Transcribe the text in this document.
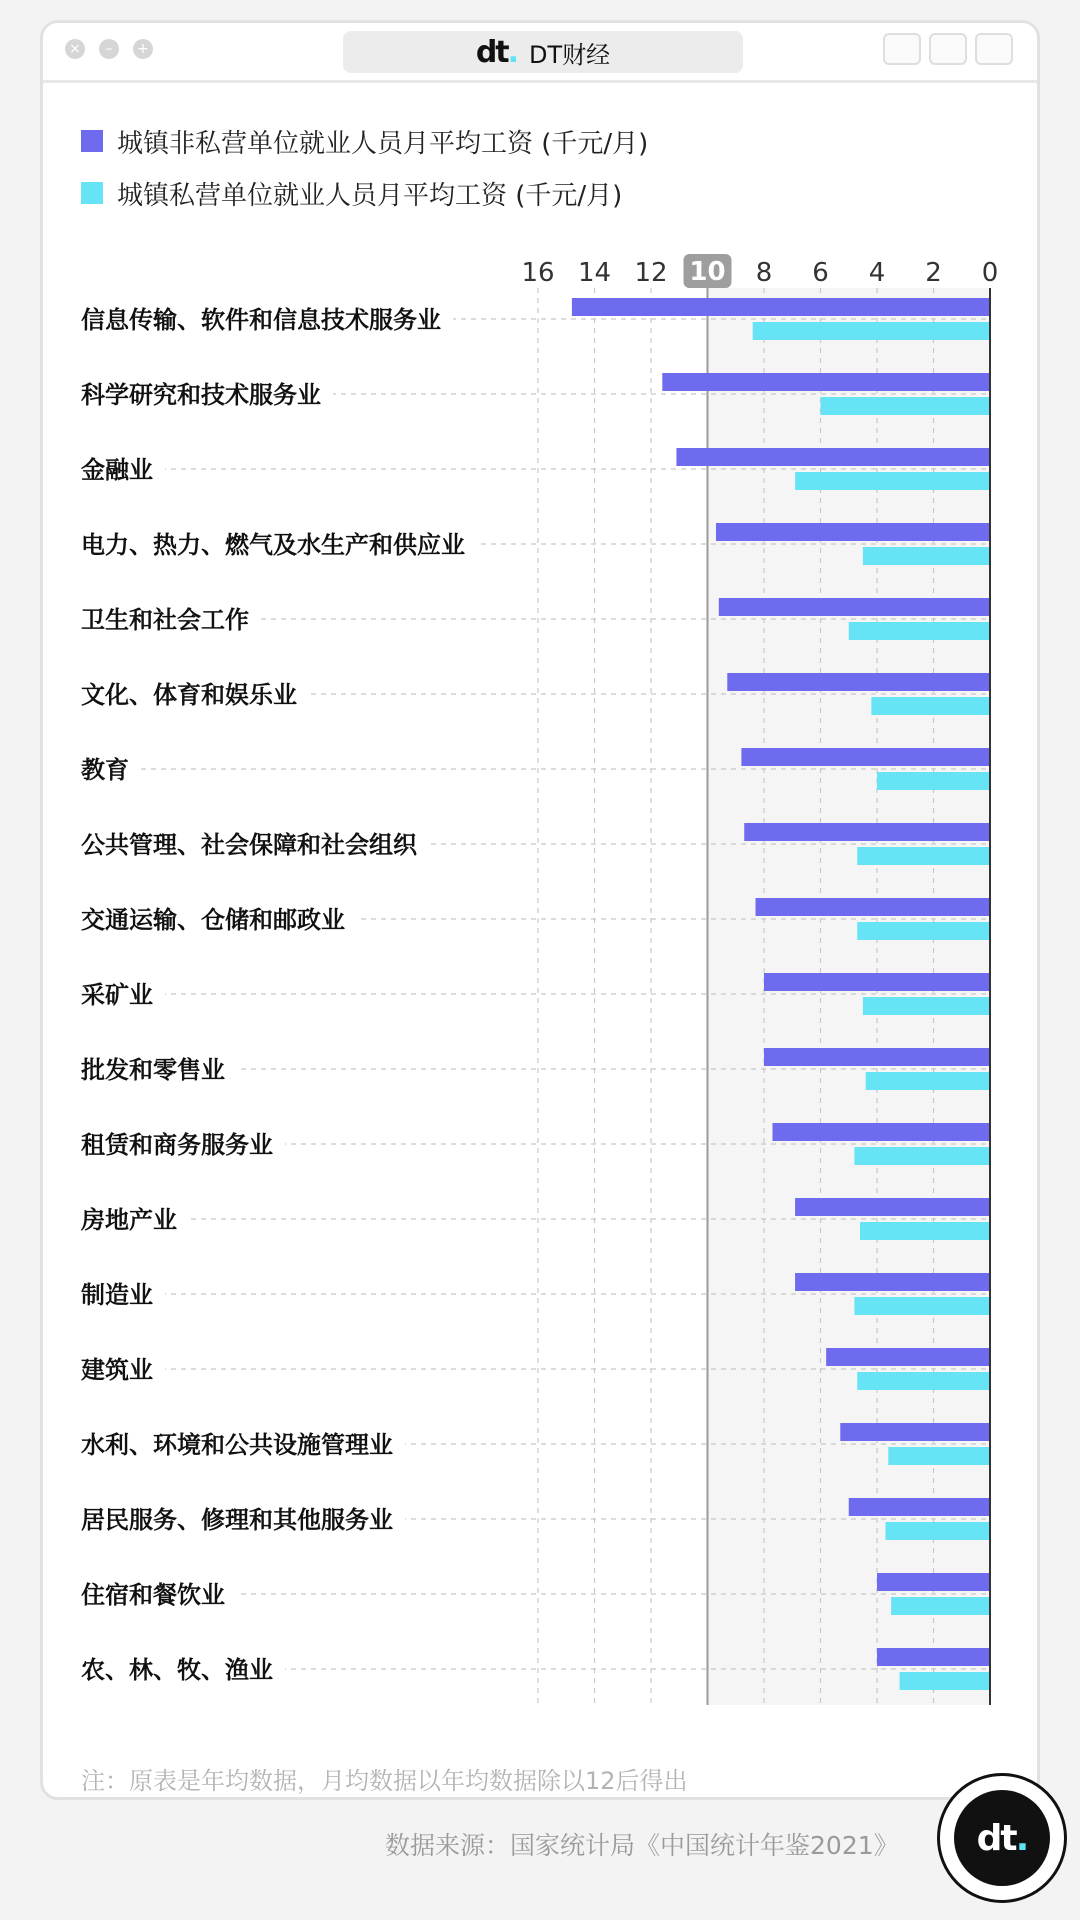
×	–	+	dt. DT财经
城镇非私营单位就业人员月平均工资 (千元/月)
城镇私营单位就业人员月平均工资 (千元/月)
16 14 12 10 8 6 4 2 0
信息传输、软件和信息技术服务业
科学研究和技术服务业
金融业
电力、热力、燃气及水生产和供应业
卫生和社会工作
文化、体育和娱乐业
教育
公共管理、社会保障和社会组织
交通运输、仓储和邮政业
采矿业
批发和零售业
租赁和商务服务业
房地产业
制造业
建筑业
水利、环境和公共设施管理业
居民服务、修理和其他服务业
住宿和餐饮业
农、林、牧、渔业
注：原表是年均数据，月均数据以年均数据除以12后得出
数据来源：国家统计局《中国统计年鉴2021》 dt.
